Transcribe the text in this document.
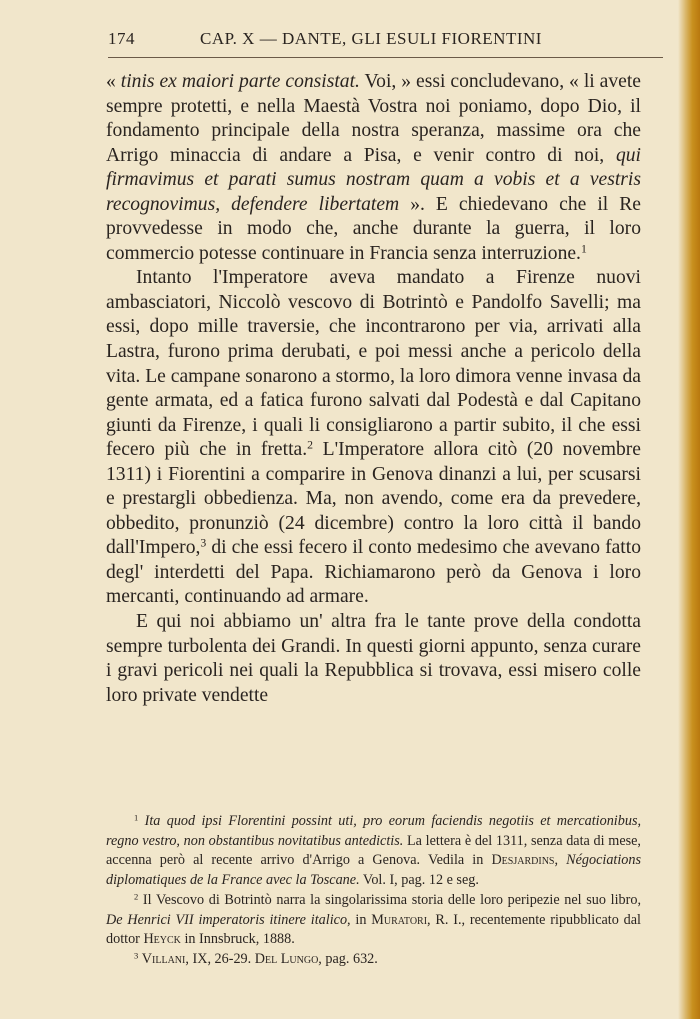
174	CAP. X — DANTE, GLI ESULI FIORENTINI

« tinis ex maiori parte consistat. Voi, » essi concludevano, « li avete sempre protetti, e nella Maestà Vostra noi poniamo, dopo Dio, il fondamento principale della nostra speranza, massime ora che Arrigo minaccia di andare a Pisa, e venir contro di noi, qui firmavimus et parati sumus nostram quam a vobis et a vestris recognovimus, defendere libertatem ». E chiedevano che il Re provvedesse in modo che, anche durante la guerra, il loro commercio potesse continuare in Francia senza interruzione.$^1$

Intanto l'Imperatore aveva mandato a Firenze nuovi ambasciatori, Niccolò vescovo di Botrintò e Pandolfo Savelli; ma essi, dopo mille traversie, che incontrarono per via, arrivati alla Lastra, furono prima derubati, e poi messi anche a pericolo della vita. Le campane sonarono a stormo, la loro dimora venne invasa da gente armata, ed a fatica furono salvati dal Podestà e dal Capitano giunti da Firenze, i quali li consigliarono a partir subito, il che essi fecero più che in fretta.$^2$ L'Imperatore allora citò (20 novembre 1311) i Fiorentini a comparire in Genova dinanzi a lui, per scusarsi e prestargli obbedienza. Ma, non avendo, come era da prevedere, obbedito, pronunziò (24 dicembre) contro la loro città il bando dall'Impero,$^3$ di che essi fecero il conto medesimo che avevano fatto degl' interdetti del Papa. Richiamarono però da Genova i loro mercanti, continuando ad armare.

E qui noi abbiamo un' altra fra le tante prove della condotta sempre turbolenta dei Grandi. In questi giorni appunto, senza curare i gravi pericoli nei quali la Repubblica si trovava, essi misero colle loro private vendette

$^1$ Ita quod ipsi Florentini possint uti, pro eorum faciendis negotiis et mercationibus, regno vestro, non obstantibus novitatibus antedictis. La lettera è del 1311, senza data di mese, accenna però al recente arrivo d'Arrigo a Genova. Vedila in Desjardins, Négociations diplomatiques de la France avec la Toscane. Vol. I, pag. 12 e seg.

$^2$ Il Vescovo di Botrintò narra la singolarissima storia delle loro peripezie nel suo libro, De Henrici VII imperatoris itinere italico, in Muratori, R. I., recentemente ripubblicato dal dottor Heyck in Innsbruck, 1888.

$^3$ Villani, IX, 26-29. Del Lungo, pag. 632.
